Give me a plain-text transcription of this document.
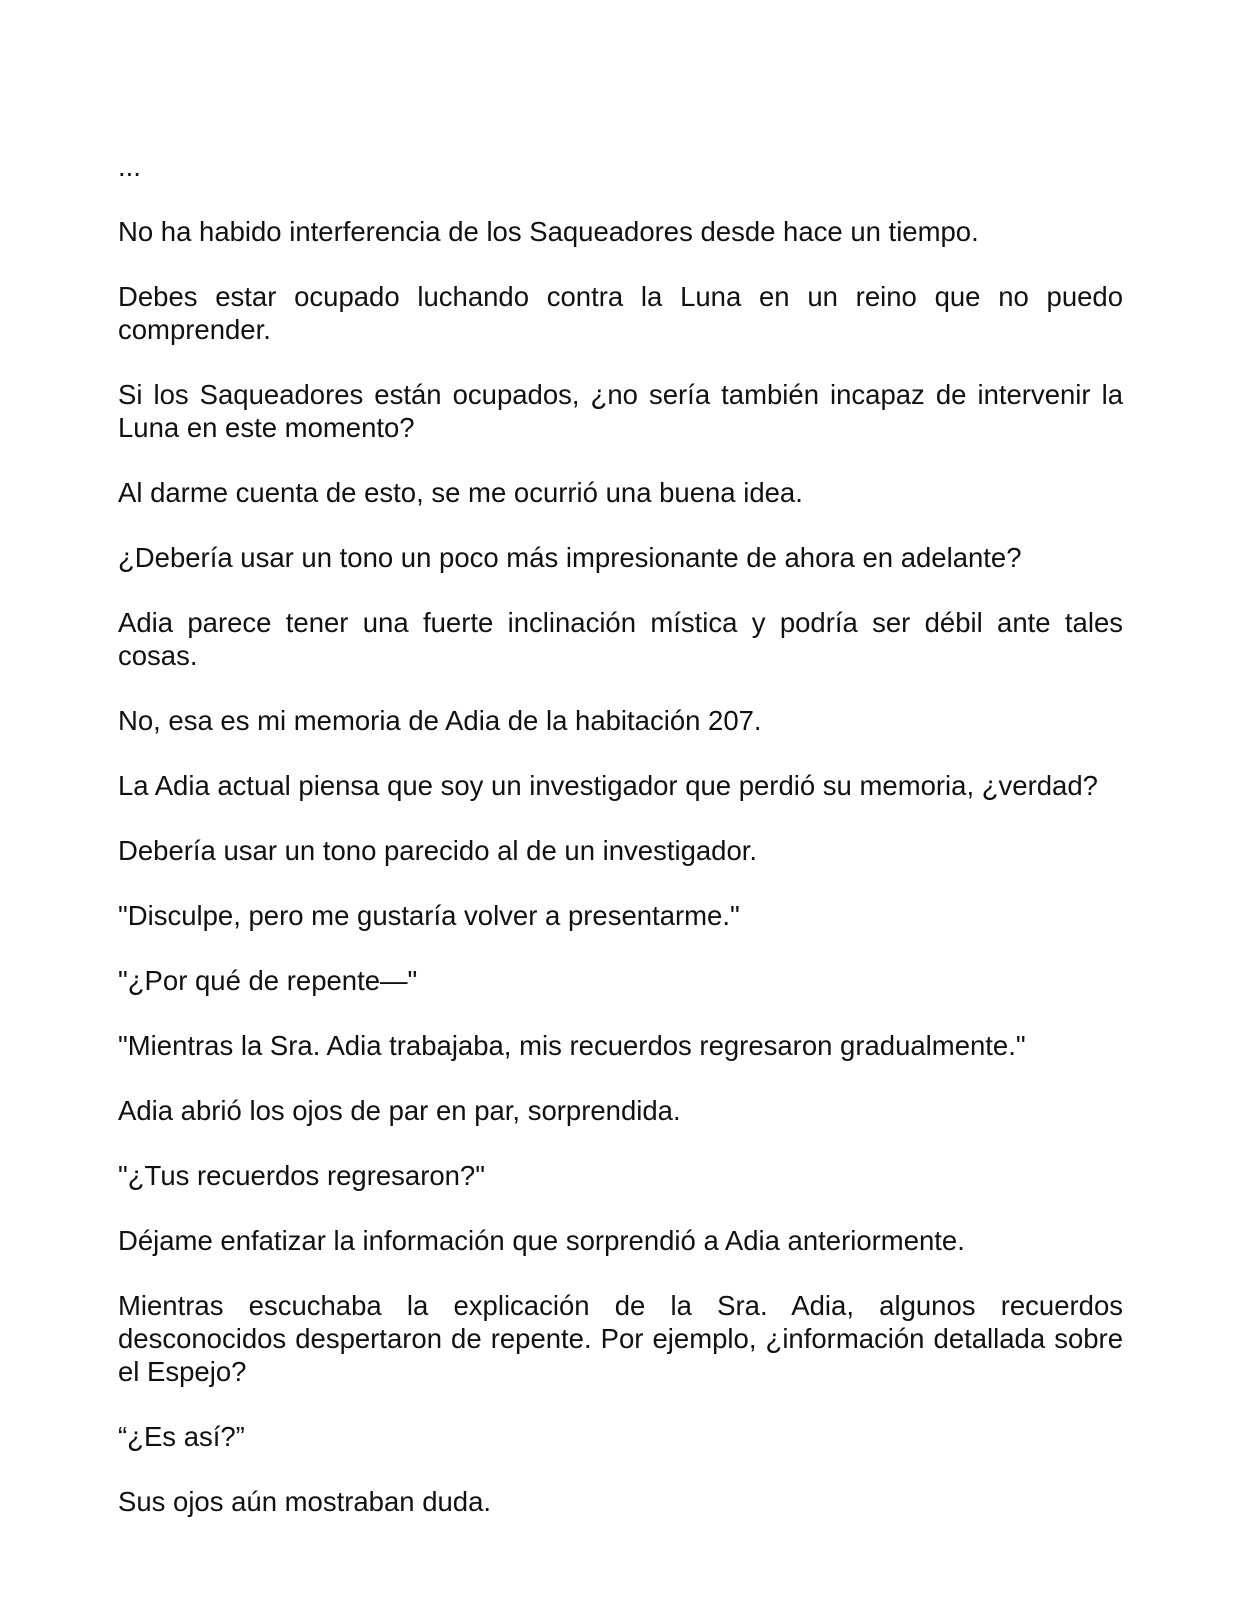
...

No ha habido interferencia de los Saqueadores desde hace un tiempo.

Debes estar ocupado luchando contra la Luna en un reino que no puedo comprender.

Si los Saqueadores están ocupados, ¿no sería también incapaz de intervenir la Luna en este momento?

Al darme cuenta de esto, se me ocurrió una buena idea.

¿Debería usar un tono un poco más impresionante de ahora en adelante?

Adia parece tener una fuerte inclinación mística y podría ser débil ante tales cosas.

No, esa es mi memoria de Adia de la habitación 207.

La Adia actual piensa que soy un investigador que perdió su memoria, ¿verdad?

Debería usar un tono parecido al de un investigador.

"Disculpe, pero me gustaría volver a presentarme."

"¿Por qué de repente—"

"Mientras la Sra. Adia trabajaba, mis recuerdos regresaron gradualmente."

Adia abrió los ojos de par en par, sorprendida.

"¿Tus recuerdos regresaron?"

Déjame enfatizar la información que sorprendió a Adia anteriormente.

Mientras escuchaba la explicación de la Sra. Adia, algunos recuerdos desconocidos despertaron de repente. Por ejemplo, ¿información detallada sobre el Espejo?

“¿Es así?”

Sus ojos aún mostraban duda.
